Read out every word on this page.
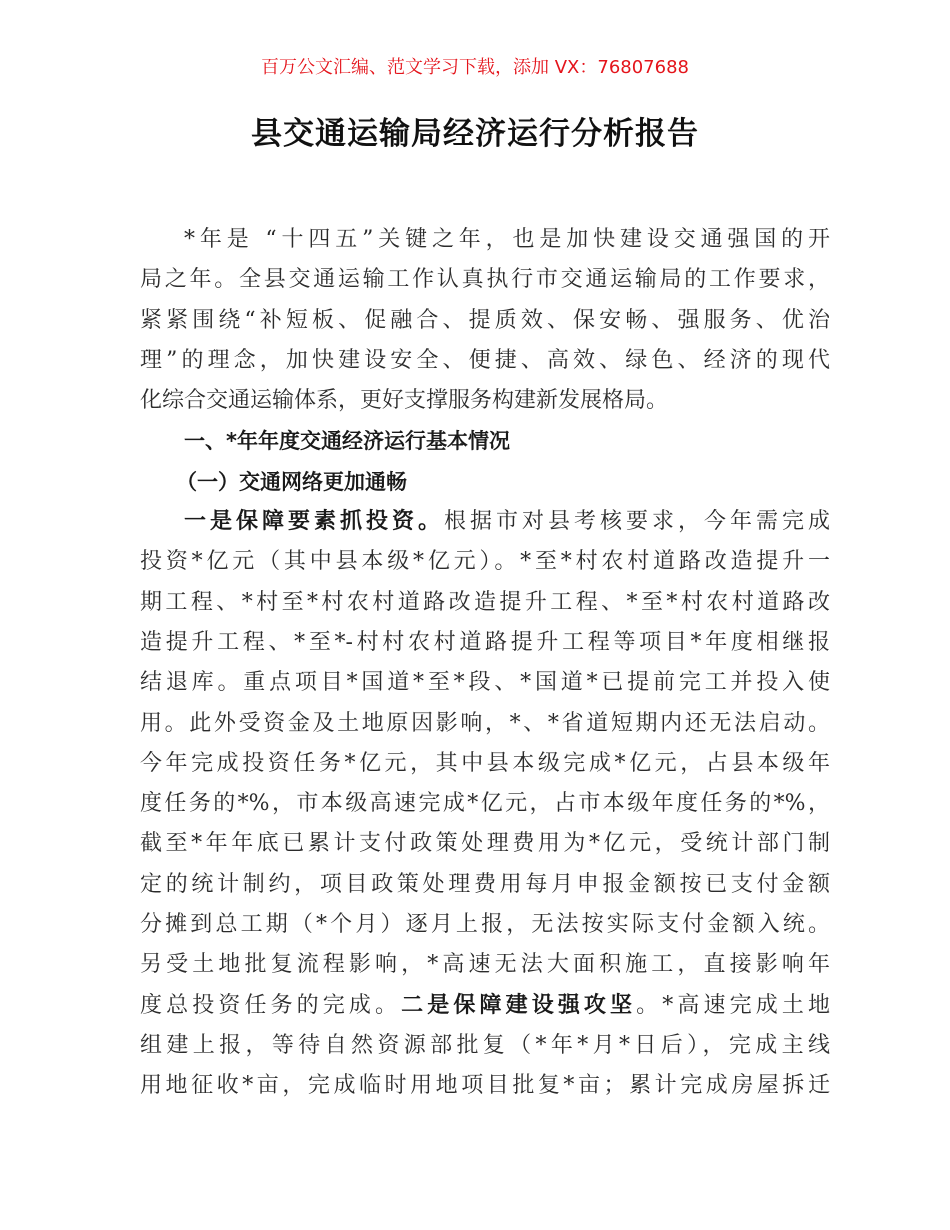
百万公文汇编、范文学习下载，添加 VX：76807688
县交通运输局经济运行分析报告
*年是 “十四五”关键之年，也是加快建设交通强国的开
局之年。全县交通运输工作认真执行市交通运输局的工作要求，
紧紧围绕“补短板、促融合、提质效、保安畅、强服务、优治
理”的理念，加快建设安全、便捷、高效、绿色、经济的现代
化综合交通运输体系，更好支撑服务构建新发展格局。
一、*年年度交通经济运行基本情况
（一）交通网络更加通畅
一是保障要素抓投资。根据市对县考核要求，今年需完成
投资*亿元（其中县本级*亿元）。*至*村农村道路改造提升一
期工程、*村至*村农村道路改造提升工程、*至*村农村道路改
造提升工程、*至*-村村农村道路提升工程等项目*年度相继报
结退库。重点项目*国道*至*段、*国道*已提前完工并投入使
用。此外受资金及土地原因影响，*、*省道短期内还无法启动。
今年完成投资任务*亿元，其中县本级完成*亿元，占县本级年
度任务的*%，市本级高速完成*亿元，占市本级年度任务的*%，
截至*年年底已累计支付政策处理费用为*亿元，受统计部门制
定的统计制约，项目政策处理费用每月申报金额按已支付金额
分摊到总工期（*个月）逐月上报，无法按实际支付金额入统。
另受土地批复流程影响，*高速无法大面积施工，直接影响年
度总投资任务的完成。二是保障建设强攻坚。*高速完成土地
组建上报，等待自然资源部批复（*年*月*日后），完成主线
用地征收*亩，完成临时用地项目批复*亩；累计完成房屋拆迁
